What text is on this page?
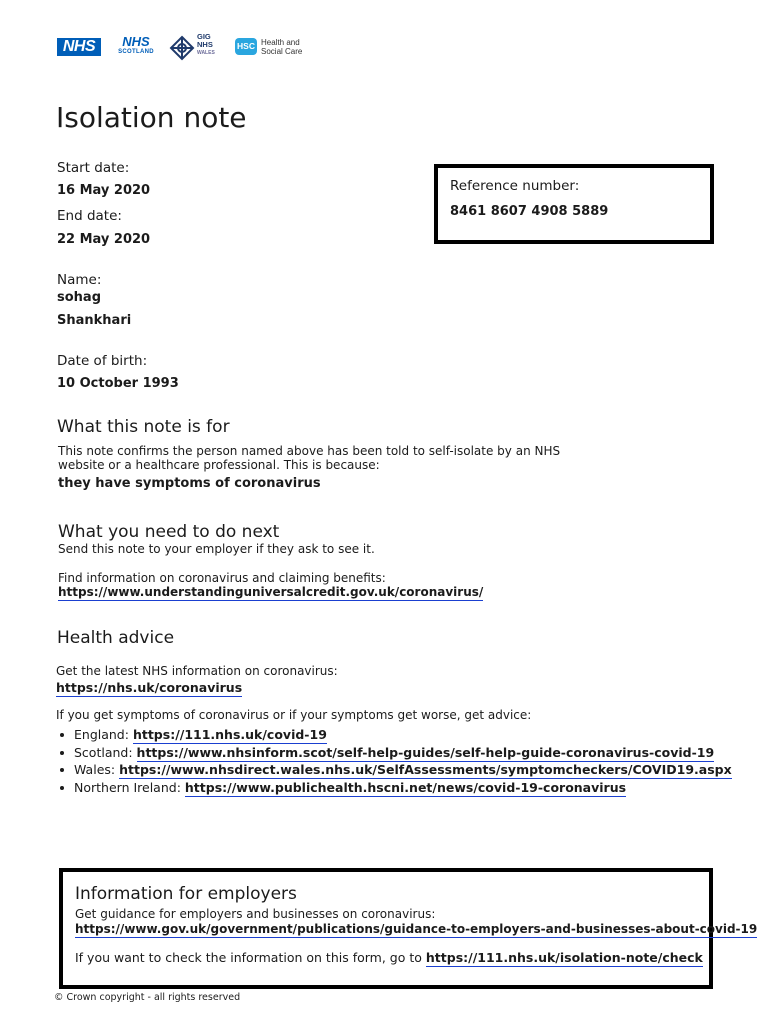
NHS	NHS
SCOTLAND
GIG
NHS
WALES
HSC Health and Social Care
Isolation note
Start date:
16 May 2020
End date:
22 May 2020
Reference number:
8461 8607 4908 5889
Name:
sohag
Shankhari
Date of birth:
10 October 1993
What this note is for
This note confirms the person named above has been told to self-isolate by an NHS website or a healthcare professional. This is because:
they have symptoms of coronavirus
What you need to do next
Send this note to your employer if they ask to see it.
Find information on coronavirus and claiming benefits:
https://www.understandinguniversalcredit.gov.uk/coronavirus/
Health advice
Get the latest NHS information on coronavirus:
https://nhs.uk/coronavirus
If you get symptoms of coronavirus or if your symptoms get worse, get advice:
England: https://111.nhs.uk/covid-19
Scotland: https://www.nhsinform.scot/self-help-guides/self-help-guide-coronavirus-covid-19
Wales: https://www.nhsdirect.wales.nhs.uk/SelfAssessments/symptomcheckers/COVID19.aspx
Northern Ireland: https://www.publichealth.hscni.net/news/covid-19-coronavirus
Information for employers
Get guidance for employers and businesses on coronavirus:
https://www.gov.uk/government/publications/guidance-to-employers-and-businesses-about-covid-19
If you want to check the information on this form, go to https://111.nhs.uk/isolation-note/check
© Crown copyright - all rights reserved
